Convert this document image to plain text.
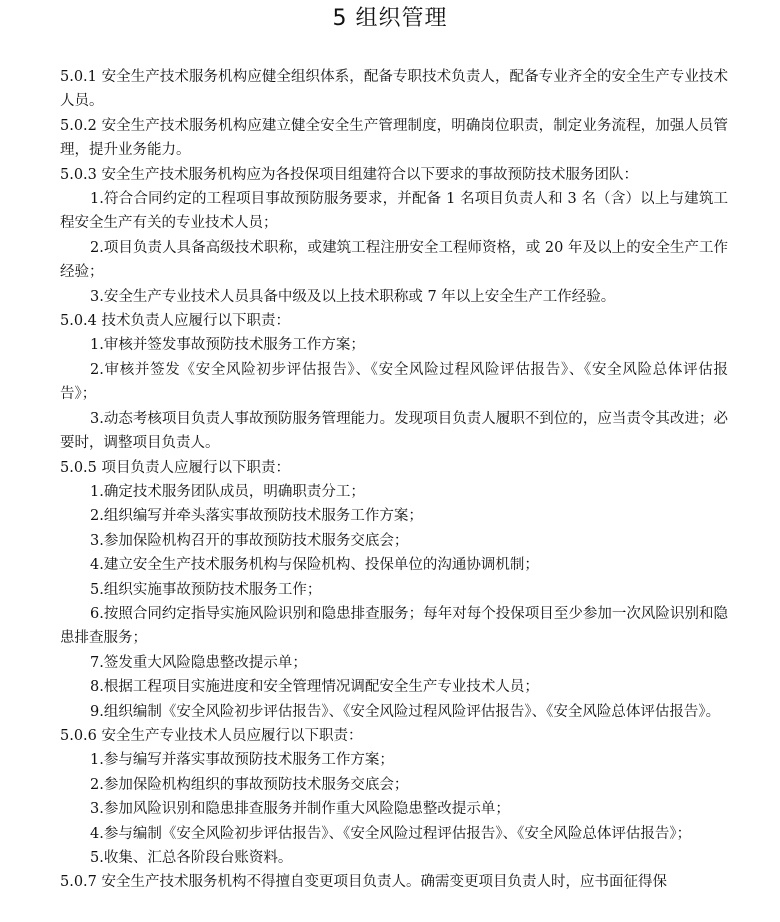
5 组织管理

5.0.1 安全生产技术服务机构应健全组织体系，配备专职技术负责人，配备专业齐全的安全生产专业技术人员。

5.0.2 安全生产技术服务机构应建立健全安全生产管理制度，明确岗位职责，制定业务流程，加强人员管理，提升业务能力。

5.0.3 安全生产技术服务机构应为各投保项目组建符合以下要求的事故预防技术服务团队：

1.符合合同约定的工程项目事故预防服务要求，并配备 1 名项目负责人和 3 名（含）以上与建筑工程安全生产有关的专业技术人员；

2.项目负责人具备高级技术职称，或建筑工程注册安全工程师资格，或 20 年及以上的安全生产工作经验；

3.安全生产专业技术人员具备中级及以上技术职称或 7 年以上安全生产工作经验。

5.0.4 技术负责人应履行以下职责：

1.审核并签发事故预防技术服务工作方案；

2.审核并签发《安全风险初步评估报告》、《安全风险过程风险评估报告》、《安全风险总体评估报告》；

3.动态考核项目负责人事故预防服务管理能力。发现项目负责人履职不到位的，应当责令其改进；必要时，调整项目负责人。

5.0.5 项目负责人应履行以下职责：

1.确定技术服务团队成员，明确职责分工；

2.组织编写并牵头落实事故预防技术服务工作方案；

3.参加保险机构召开的事故预防技术服务交底会；

4.建立安全生产技术服务机构与保险机构、投保单位的沟通协调机制；

5.组织实施事故预防技术服务工作；

6.按照合同约定指导实施风险识别和隐患排查服务；每年对每个投保项目至少参加一次风险识别和隐患排查服务；

7.签发重大风险隐患整改提示单；

8.根据工程项目实施进度和安全管理情况调配安全生产专业技术人员；

9.组织编制《安全风险初步评估报告》、《安全风险过程风险评估报告》、《安全风险总体评估报告》。

5.0.6 安全生产专业技术人员应履行以下职责：

1.参与编写并落实事故预防技术服务工作方案；

2.参加保险机构组织的事故预防技术服务交底会；

3.参加风险识别和隐患排查服务并制作重大风险隐患整改提示单；

4.参与编制《安全风险初步评估报告》、《安全风险过程评估报告》、《安全风险总体评估报告》；

5.收集、汇总各阶段台账资料。

5.0.7 安全生产技术服务机构不得擅自变更项目负责人。确需变更项目负责人时，应书面征得保
